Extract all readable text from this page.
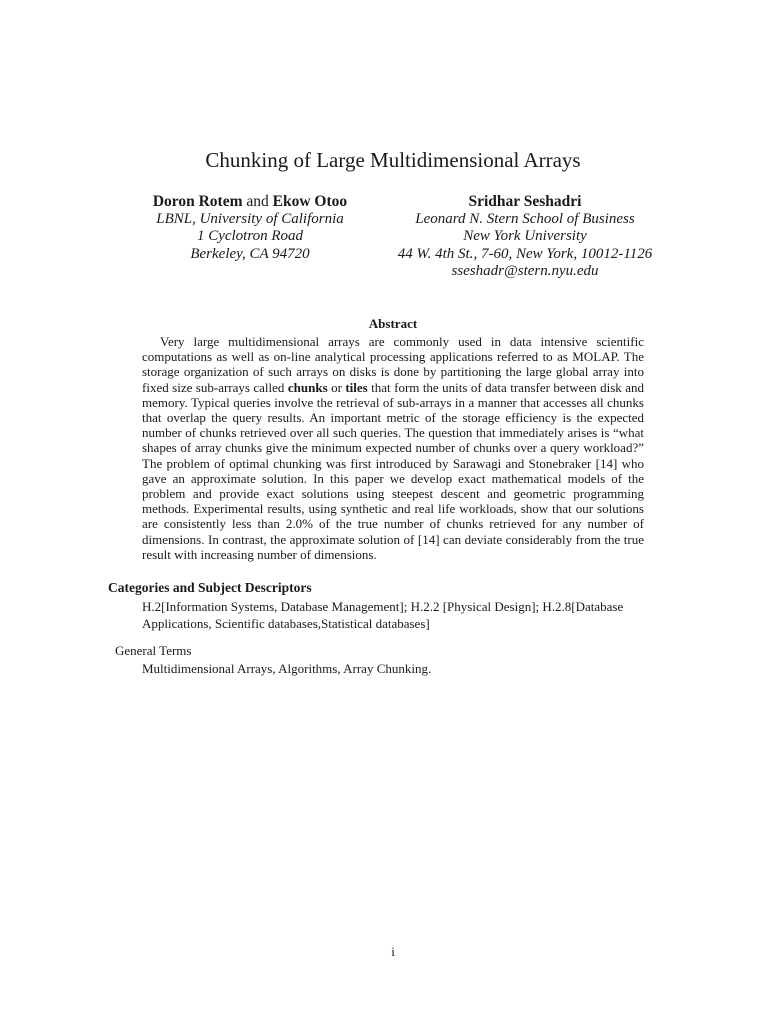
Chunking of Large Multidimensional Arrays
Doron Rotem and Ekow Otoo
LBNL, University of California
1 Cyclotron Road
Berkeley, CA 94720
Sridhar Seshadri
Leonard N. Stern School of Business
New York University
44 W. 4th St., 7-60, New York, 10012-1126
sseshadr@stern.nyu.edu
Abstract

Very large multidimensional arrays are commonly used in data intensive scientific computations as well as on-line analytical processing applications referred to as MOLAP. The storage organization of such arrays on disks is done by partitioning the large global array into fixed size sub-arrays called chunks or tiles that form the units of data transfer between disk and memory. Typical queries involve the retrieval of sub-arrays in a manner that accesses all chunks that overlap the query results. An important metric of the storage efficiency is the expected number of chunks retrieved over all such queries. The question that immediately arises is “what shapes of array chunks give the minimum expected number of chunks over a query workload?” The problem of optimal chunking was first introduced by Sarawagi and Stonebraker [14] who gave an approximate solution. In this paper we develop exact mathematical models of the problem and provide exact solutions using steepest descent and geometric programming methods. Experimental results, using synthetic and real life workloads, show that our solutions are consistently less than 2.0% of the true number of chunks retrieved for any number of dimensions. In contrast, the approximate solution of [14] can deviate considerably from the true result with increasing number of dimensions.

Categories and Subject Descriptors

H.2[Information Systems, Database Management]; H.2.2 [Physical Design]; H.2.8[Database Applications, Scientific databases,Statistical databases]

General Terms
Multidimensional Arrays, Algorithms, Array Chunking.
i
